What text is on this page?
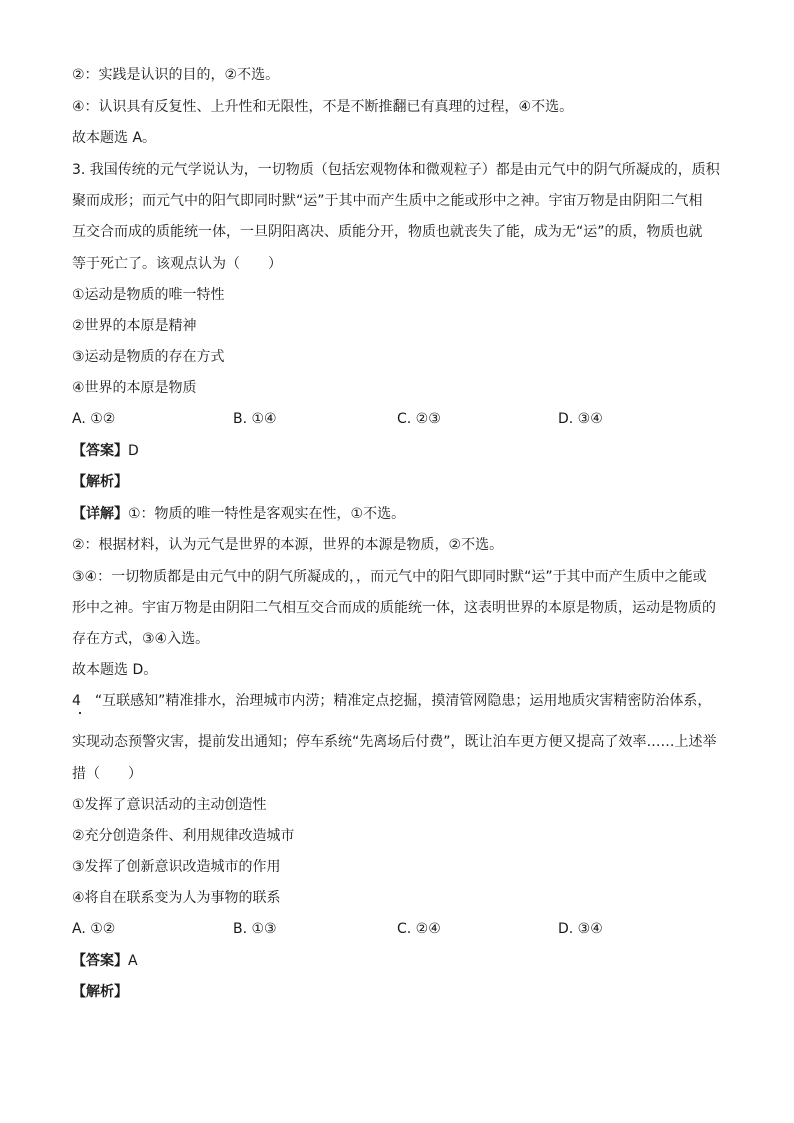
②：实践是认识的目的，②不选。
④：认识具有反复性、上升性和无限性，不是不断推翻已有真理的过程，④不选。
故本题选 A。
3. 我国传统的元气学说认为，一切物质（包括宏观物体和微观粒子）都是由元气中的阴气所凝成的，质积
聚而成形；而元气中的阳气即同时默“运”于其中而产生质中之能或形中之神。宇宙万物是由阴阳二气相
互交合而成的质能统一体，一旦阴阳离决、质能分开，物质也就丧失了能，成为无“运”的质，物质也就
等于死亡了。该观点认为（　　）
①运动是物质的唯一特性
②世界的本原是精神
③运动是物质的存在方式
④世界的本原是物质
A. ①②	B. ①④	C. ②③	D. ③④
【答案】D
【解析】
【详解】①：物质的唯一特性是客观实在性，①不选。
②：根据材料，认为元气是世界的本源，世界的本源是物质，②不选。
③④：一切物质都是由元气中的阴气所凝成的，，而元气中的阳气即同时默“运”于其中而产生质中之能或
形中之神。宇宙万物是由阴阳二气相互交合而成的质能统一体，这表明世界的本原是物质，运动是物质的
存在方式，③④入选。
故本题选 D。
4　“互联感知”精准排水，治理城市内涝；精准定点挖掘，摸清管网隐患；运用地质灾害精密防治体系，
实现动态预警灾害，提前发出通知；停车系统“先离场后付费”，既让泊车更方便又提高了效率……上述举
措（　　）
①发挥了意识活动的主动创造性
②充分创造条件、利用规律改造城市
③发挥了创新意识改造城市的作用
④将自在联系变为人为事物的联系
A. ①②	B. ①③	C. ②④	D. ③④
【答案】A
【解析】
